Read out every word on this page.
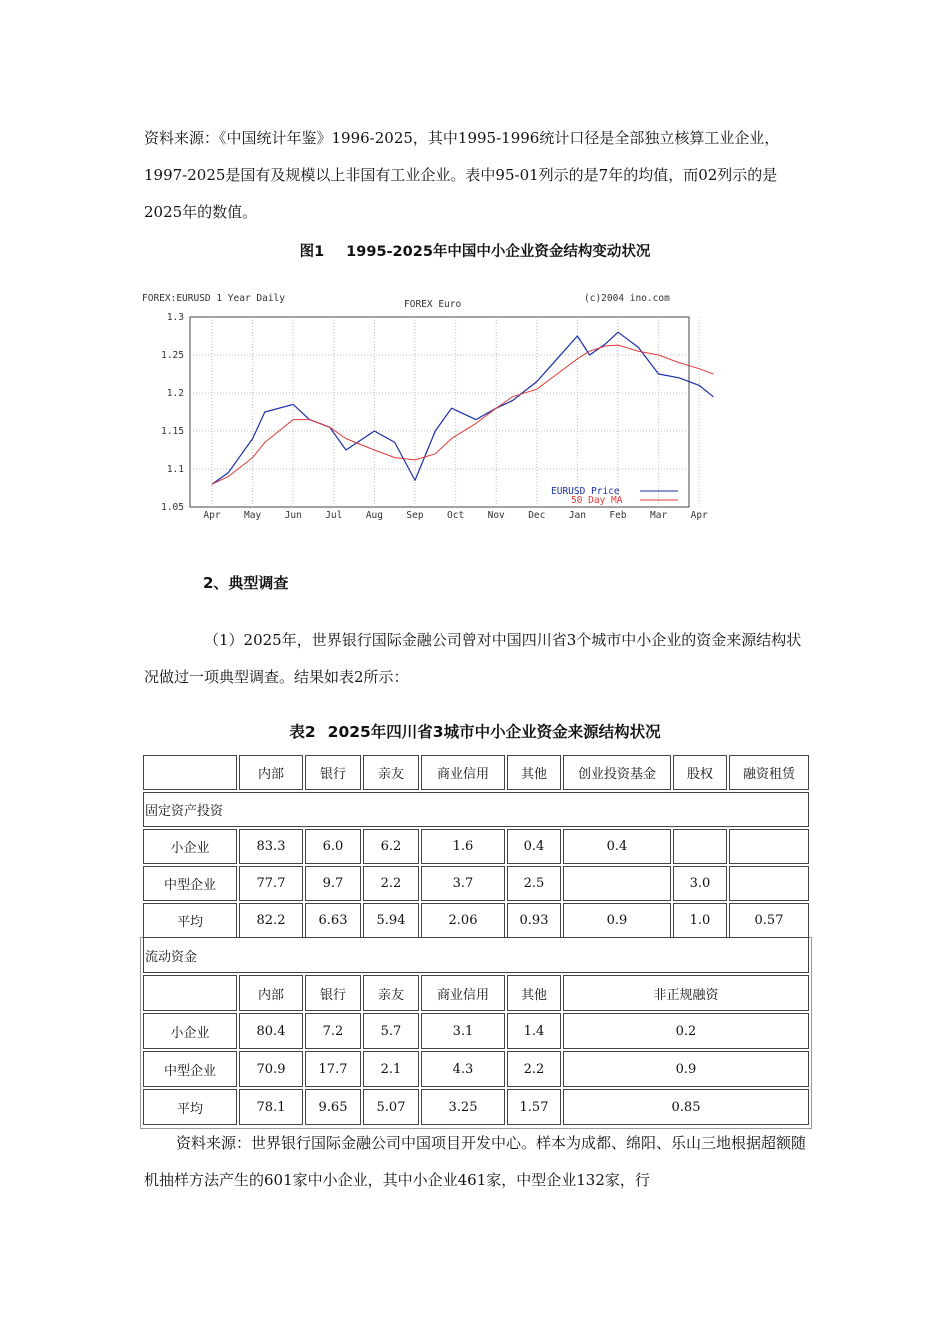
资料来源：《中国统计年鉴》1996-2025，其中1995-1996统计口径是全部独立核算工业企业，1997-2025是国有及规模以上非国有工业企业。表中95-01列示的是7年的均值，而02列示的是2025年的数值。

图1 1995-2025年中国中小企业资金结构变动状况
FOREX:EURUSD 1 Year Daily
FOREX Euro
(c)2004 ino.com
1.3
1.25
1.2
1.15
1.1
1.05
Apr May Jun Jul Aug Sep Oct Nov Dec Jan Feb Mar Apr
EURUSD Price
50 Day MA
2、典型调查

（1）2025年，世界银行国际金融公司曾对中国四川省3个城市中小企业的资金来源结构状况做过一项典型调查。结果如表2所示：

表2 2025年四川省3城市中小企业资金来源结构状况
	内部	银行	亲友	商业信用	其他	创业投资基金	股权	融资租赁
固定资产投资								
小企业	83.3	6.0	6.2	1.6	0.4	0.4		
中型企业	77.7	9.7	2.2	3.7	2.5		3.0	
平均	82.2	6.63	5.94	2.06	0.93	0.9	1.0	0.57
流动资金						
	内部	银行	亲友	商业信用	其他	非正规融资
小企业	80.4	7.2	5.7	3.1	1.4	0.2
中型企业	70.9	17.7	2.1	4.3	2.2	0.9
平均	78.1	9.65	5.07	3.25	1.57	0.85

资料来源：世界银行国际金融公司中国项目开发中心。样本为成都、绵阳、乐山三地根据超额随机抽样方法产生的601家中小企业，其中小企业461家，中型企业132家，行
